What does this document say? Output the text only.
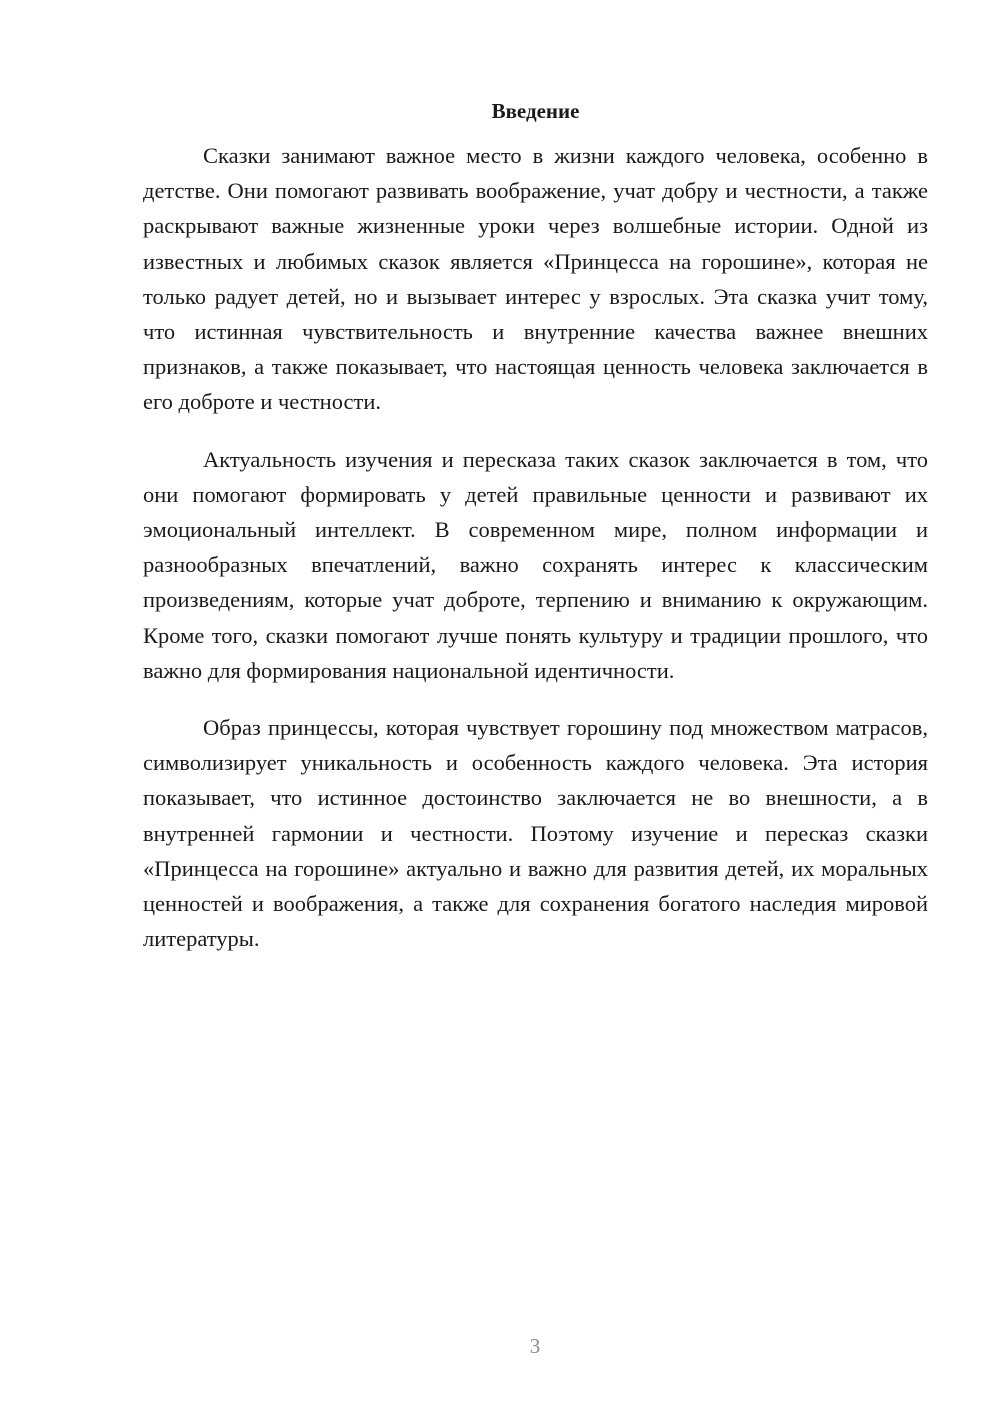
Введение

Сказки занимают важное место в жизни каждого человека, особенно в детстве. Они помогают развивать воображение, учат добру и честности, а также раскрывают важные жизненные уроки через волшебные истории. Одной из известных и любимых сказок является «Принцесса на горошине», которая не только радует детей, но и вызывает интерес у взрослых. Эта сказка учит тому, что истинная чувствительность и внутренние качества важнее внешних признаков, а также показывает, что настоящая ценность человека заключается в его доброте и честности.

Актуальность изучения и пересказа таких сказок заключается в том, что они помогают формировать у детей правильные ценности и развивают их эмоциональный интеллект. В современном мире, полном информации и разнообразных впечатлений, важно сохранять интерес к классическим произведениям, которые учат доброте, терпению и вниманию к окружающим. Кроме того, сказки помогают лучше понять культуру и традиции прошлого, что важно для формирования национальной идентичности.

Образ принцессы, которая чувствует горошину под множеством матрасов, символизирует уникальность и особенность каждого человека. Эта история показывает, что истинное достоинство заключается не во внешности, а в внутренней гармонии и честности. Поэтому изучение и пересказ сказки «Принцесса на горошине» актуально и важно для развития детей, их моральных ценностей и воображения, а также для сохранения богатого наследия мировой литературы.

3
